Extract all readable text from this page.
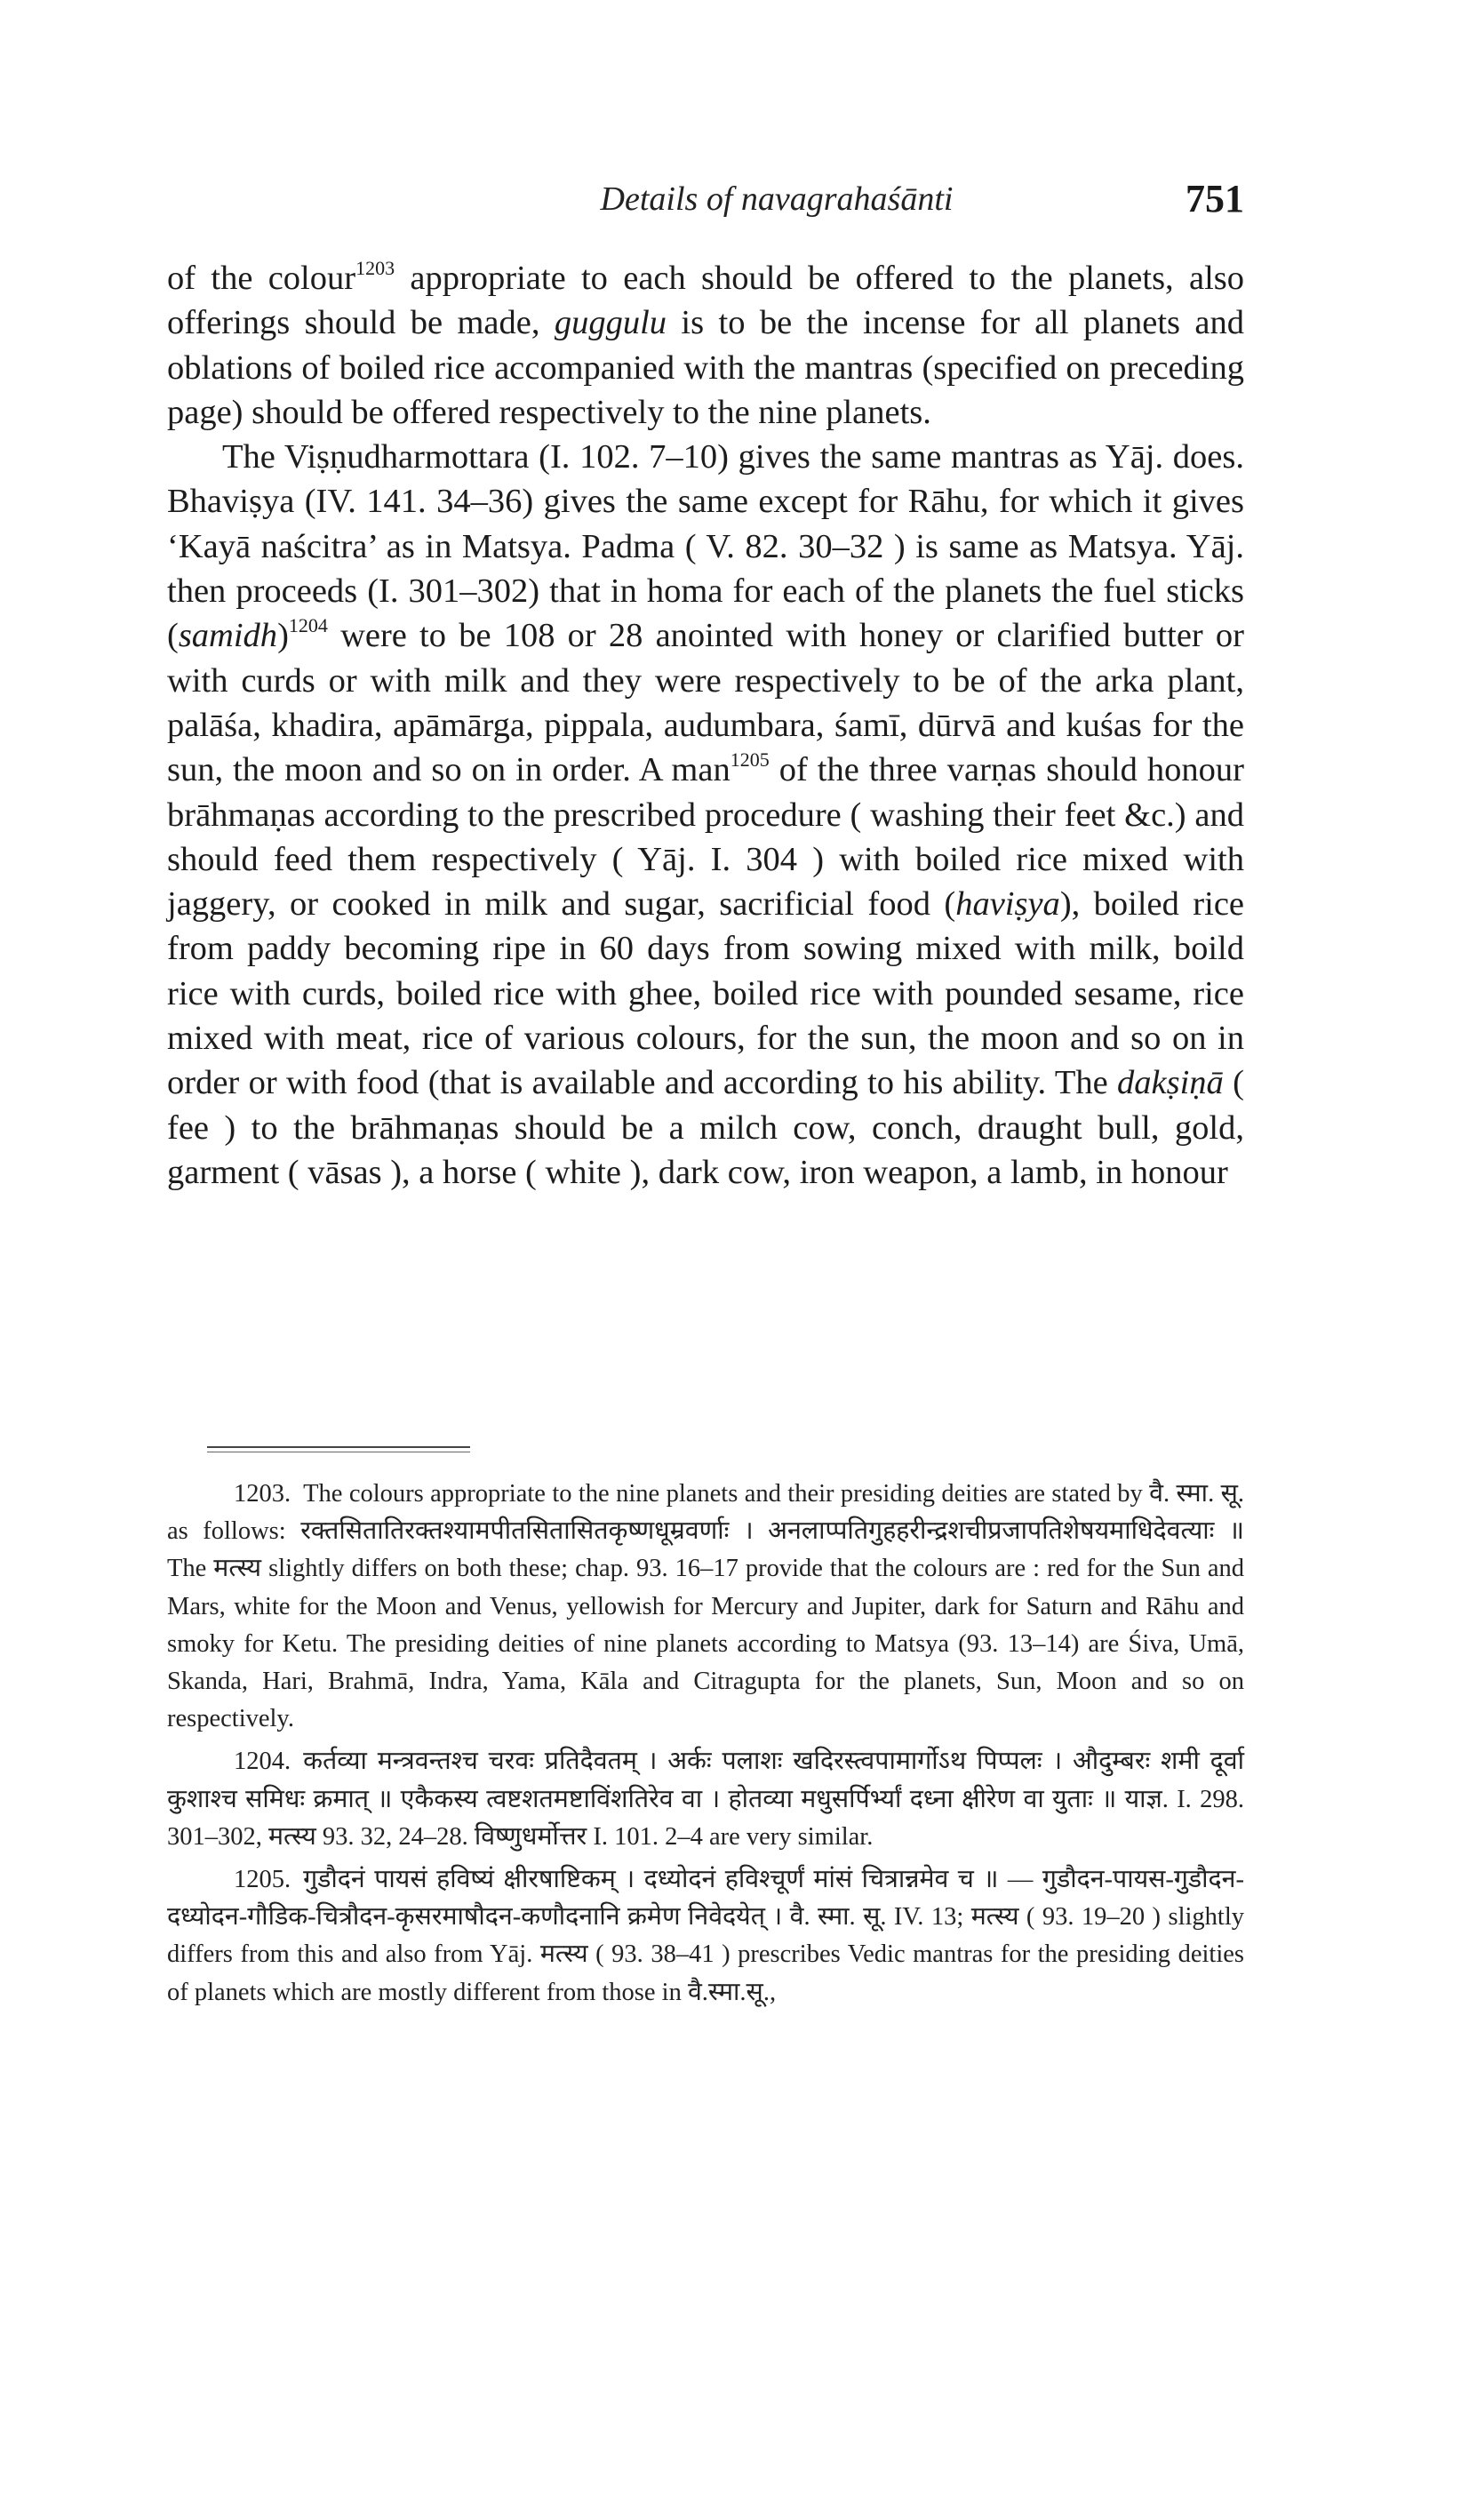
Details of navagrahaśānti	751

of the colour$^{1203}$ appropriate to each should be offered to the planets, also offerings should be made, guggulu is to be the incense for all planets and oblations of boiled rice accompanied with the mantras (specified on preceding page) should be offered respectively to the nine planets.

The Viṣṇudharmottara (I. 102. 7–10) gives the same mantras as Yāj. does. Bhaviṣya (IV. 141. 34–36) gives the same except for Rāhu, for which it gives ‘Kayā naścitra’ as in Matsya. Padma ( V. 82. 30–32 ) is same as Matsya. Yāj. then proceeds (I. 301–302) that in homa for each of the planets the fuel sticks (samidh)$^{1204}$ were to be 108 or 28 anointed with honey or clarified butter or with curds or with milk and they were respectively to be of the arka plant, palāśa, khadira, apāmārga, pippala, audumbara, śamī, dūrvā and kuśas for the sun, the moon and so on in order. A man$^{1205}$ of the three varṇas should honour brāhmaṇas according to the prescribed procedure ( washing their feet &c.) and should feed them respectively ( Yāj. I. 304 ) with boiled rice mixed with jaggery, or cooked in milk and sugar, sacrificial food (haviṣya), boiled rice from paddy becoming ripe in 60 days from sowing mixed with milk, boild rice with curds, boiled rice with ghee, boiled rice with pounded sesame, rice mixed with meat, rice of various colours, for the sun, the moon and so on in order or with food (that is available and according to his ability. The dakṣiṇā ( fee ) to the brāhmaṇas should be a milch cow, conch, draught bull, gold, garment ( vāsas ), a horse ( white ), dark cow, iron weapon, a lamb, in honour

1203. The colours appropriate to the nine planets and their presiding deities are stated by वै. स्मा. सू. as follows: रक्तसितातिरक्तश्यामपीतसितासितकृष्णधूम्रवर्णाः । अनलाप्पतिगुहहरीन्द्रशचीप्रजापतिशेषयमाधिदेवत्याः ॥ The मत्स्य slightly differs on both these; chap. 93. 16–17 provide that the colours are : red for the Sun and Mars, white for the Moon and Venus, yellowish for Mercury and Jupiter, dark for Saturn and Rāhu and smoky for Ketu. The presiding deities of nine planets according to Matsya (93. 13–14) are Śiva, Umā, Skanda, Hari, Brahmā, Indra, Yama, Kāla and Citragupta for the planets, Sun, Moon and so on respectively.

1204. कर्तव्या मन्त्रवन्तश्च चरवः प्रतिदैवतम् । अर्कः पलाशः खदिरस्त्वपामार्गोऽथ पिप्पलः । औदुम्बरः शमी दूर्वा कुशाश्च समिधः क्रमात् ॥ एकैकस्य त्वष्टशतमष्टाविंशतिरेव वा । होतव्या मधुसर्पिर्भ्यां दध्ना क्षीरेण वा युताः ॥ याज्ञ. I. 298. 301–302, मत्स्य 93. 32, 24–28. विष्णुधर्मोत्तर I. 101. 2–4 are very similar.

1205. गुडौदनं पायसं हविष्यं क्षीरषाष्टिकम् । दध्योदनं हविश्चूर्णं मांसं चित्रान्नमेव च ॥ — गुडौदन-पायस-गुडौदन-दध्योदन-गौडिक-चित्रौदन-कृसरमाषौदन-कणौदनानि क्रमेण निवेदयेत् । वै. स्मा. सू. IV. 13; मत्स्य ( 93. 19–20 ) slightly differs from this and also from Yāj. मत्स्य ( 93. 38–41 ) prescribes Vedic mantras for the presiding deities of planets which are mostly different from those in वै.स्मा.सू.,
